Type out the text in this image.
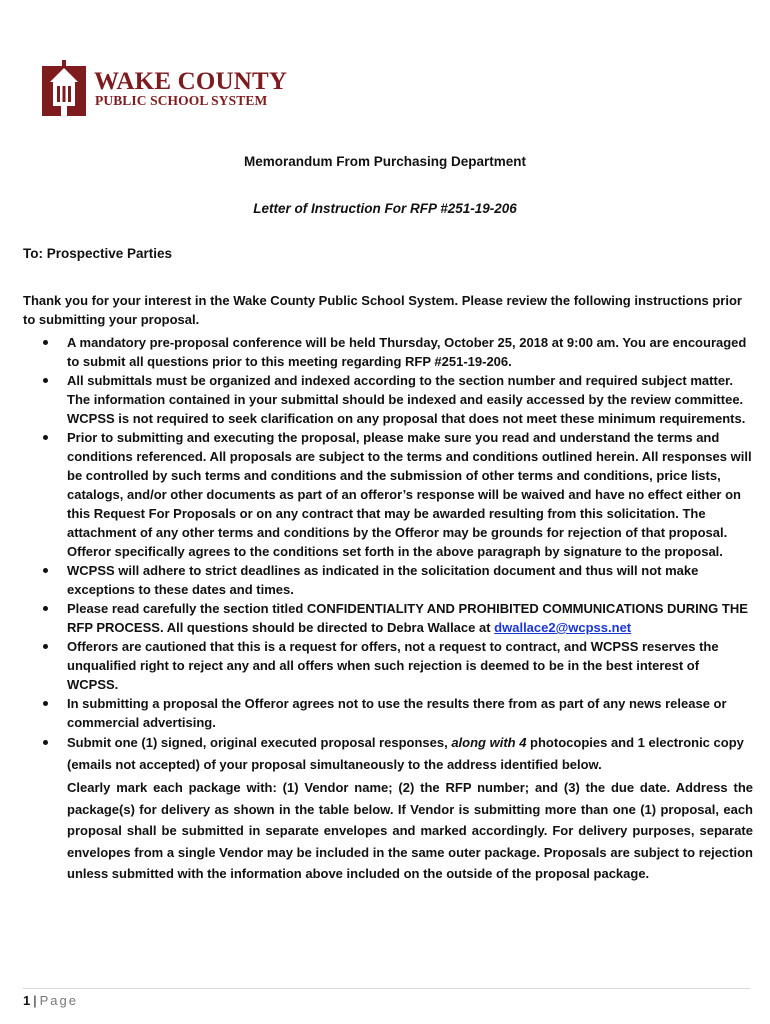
WAKE COUNTY
PUBLIC SCHOOL SYSTEM
Memorandum From Purchasing Department
Letter of Instruction For RFP #251-19-206
To: Prospective Parties
Thank you for your interest in the Wake County Public School System. Please review the following instructions prior to submitting your proposal.
A mandatory pre-proposal conference will be held Thursday, October 25, 2018 at 9:00 am. You are encouraged to submit all questions prior to this meeting regarding RFP #251-19-206.
All submittals must be organized and indexed according to the section number and required subject matter. The information contained in your submittal should be indexed and easily accessed by the review committee. WCPSS is not required to seek clarification on any proposal that does not meet these minimum requirements.
Prior to submitting and executing the proposal, please make sure you read and understand the terms and conditions referenced. All proposals are subject to the terms and conditions outlined herein. All responses will be controlled by such terms and conditions and the submission of other terms and conditions, price lists, catalogs, and/or other documents as part of an offeror’s response will be waived and have no effect either on this Request For Proposals or on any contract that may be awarded resulting from this solicitation. The attachment of any other terms and conditions by the Offeror may be grounds for rejection of that proposal. Offeror specifically agrees to the conditions set forth in the above paragraph by signature to the proposal.
WCPSS will adhere to strict deadlines as indicated in the solicitation document and thus will not make exceptions to these dates and times.
Please read carefully the section titled CONFIDENTIALITY AND PROHIBITED COMMUNICATIONS DURING THE RFP PROCESS. All questions should be directed to Debra Wallace at dwallace2@wcpss.net
Offerors are cautioned that this is a request for offers, not a request to contract, and WCPSS reserves the unqualified right to reject any and all offers when such rejection is deemed to be in the best interest of WCPSS.
In submitting a proposal the Offeror agrees not to use the results there from as part of any news release or commercial advertising.
Submit one (1) signed, original executed proposal responses, along with 4 photocopies and 1 electronic copy (emails not accepted) of your proposal simultaneously to the address identified below.
Clearly mark each package with: (1) Vendor name; (2) the RFP number; and (3) the due date. Address the package(s) for delivery as shown in the table below. If Vendor is submitting more than one (1) proposal, each proposal shall be submitted in separate envelopes and marked accordingly. For delivery purposes, separate envelopes from a single Vendor may be included in the same outer package. Proposals are subject to rejection unless submitted with the information above included on the outside of the proposal package.
1 | Page
